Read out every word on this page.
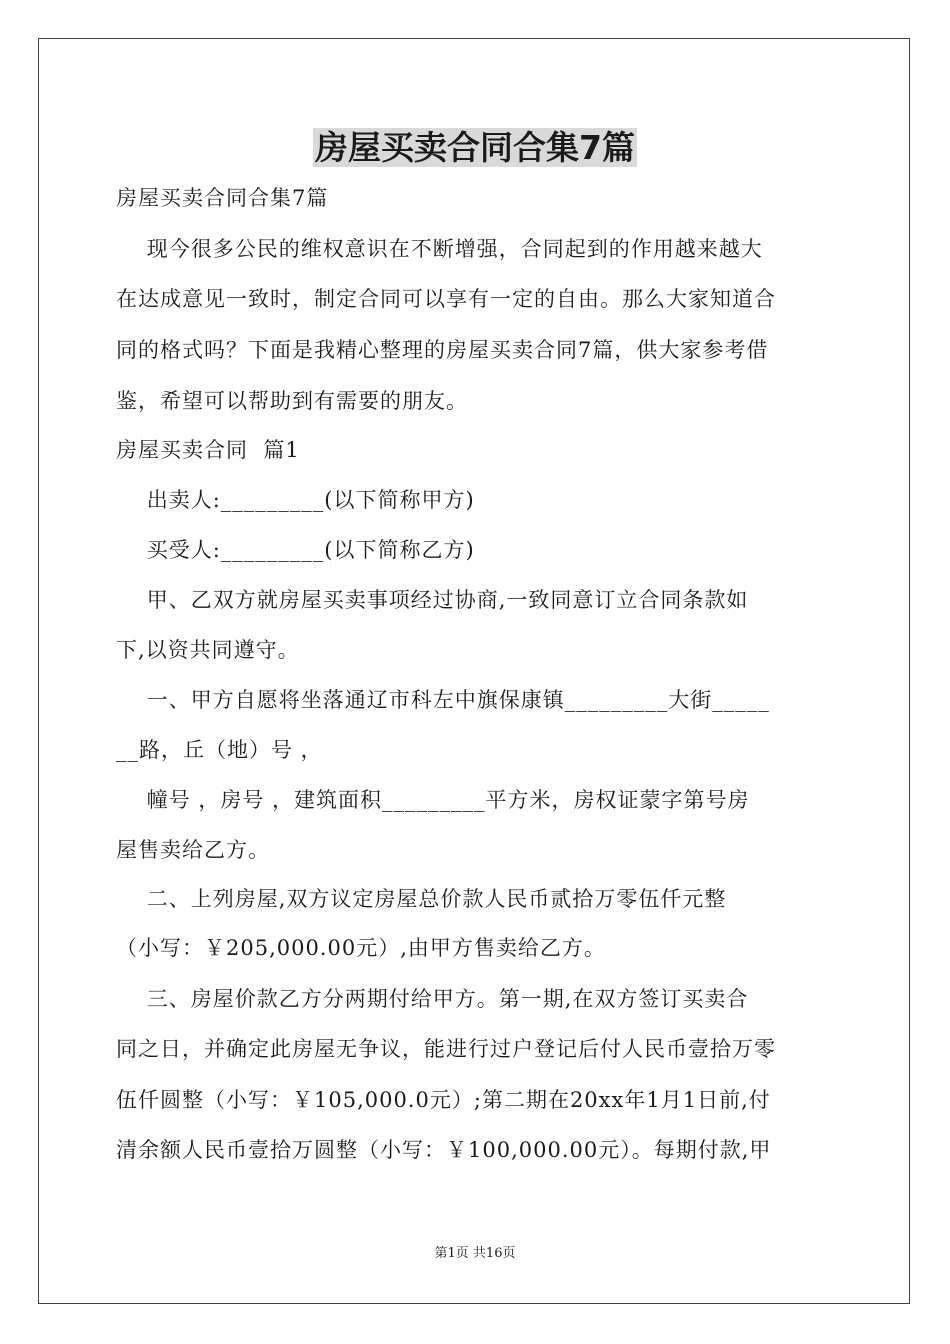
房屋买卖合同合集7篇
房屋买卖合同合集7篇
现今很多公民的维权意识在不断增强，合同起到的作用越来越大
在达成意见一致时，制定合同可以享有一定的自由。那么大家知道合
同的格式吗？下面是我精心整理的房屋买卖合同7篇，供大家参考借
鉴，希望可以帮助到有需要的朋友。
房屋买卖合同  篇1
出卖人:_________(以下简称甲方)
买受人:_________(以下简称乙方)
甲、乙双方就房屋买卖事项经过协商,一致同意订立合同条款如
下,以资共同遵守。
一、甲方自愿将坐落通辽市科左中旗保康镇_________大街_____
__路，丘（地）号 ，
幢号 ，房号 ，建筑面积_________平方米，房权证蒙字第号房
屋售卖给乙方。
二、上列房屋,双方议定房屋总价款人民币贰拾万零伍仟元整
（小写：￥205,000.00元）,由甲方售卖给乙方。
三、房屋价款乙方分两期付给甲方。第一期,在双方签订买卖合
同之日，并确定此房屋无争议，能进行过户登记后付人民币壹拾万零
伍仟圆整（小写：￥105,000.0元）;第二期在20xx年1月1日前,付
清余额人民币壹拾万圆整（小写：￥100,000.00元）。每期付款,甲
第1页 共16页
